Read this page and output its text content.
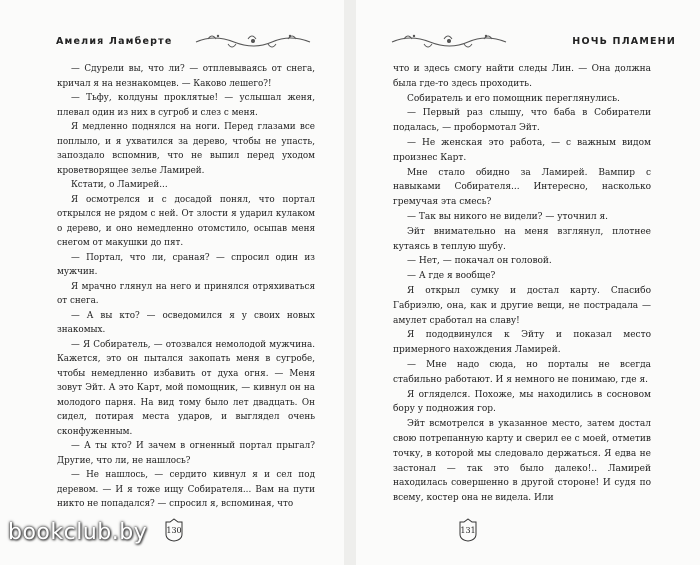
Амелия Ламберте

— Сдурели вы, что ли? — отплевываясь от снега, кричал я на незнакомцев. — Каково лешего?!

— Тьфу, колдуны проклятые! — услышал женя, плевал один из них в сугроб и слез с меня.

Я медленно поднялся на ноги. Перед глазами все поплыло, и я ухватился за дерево, чтобы не упасть, запоздало вспомнив, что не выпил перед уходом кроветворящее зелье Ламирей.

Кстати, о Ламирей...

Я осмотрелся и с досадой понял, что портал открылся не рядом с ней. От злости я ударил кулаком о дерево, и оно немедленно отомстило, осыпав меня снегом от макушки до пят.

— Портал, что ли, сраная? — спросил один из мужчин.

Я мрачно глянул на него и принялся отряхиваться от снега.

— А вы кто? — осведомился я у своих новых знакомых.

— Я Собиратель, — отозвался немолодой мужчина. Кажется, это он пытался закопать меня в сугробе, чтобы немедленно избавить от духа огня. — Меня зовут Эйт. А это Карт, мой помощник, — кивнул он на молодого парня. На вид тому было лет двадцать. Он сидел, потирая места ударов, и выглядел очень сконфуженным.

— А ты кто? И зачем в огненный портал прыгал? Другие, что ли, не нашлось?

— Не нашлось, — сердито кивнул я и сел под деревом. — И я тоже ищу Собирателя... Вам на пути никто не попадался? — спросил я, вспоминая, что

130
НОЧЬ ПЛАМЕНИ

что и здесь смогу найти следы Лин. — Она должна была где-то здесь проходить.

Собиратель и его помощник переглянулись.

— Первый раз слышу, что баба в Собиратели подалась, — пробормотал Эйт.

— Не женская это работа, — с важным видом произнес Карт.

Мне стало обидно за Ламирей. Вампир с навыками Собирателя... Интересно, насколько гремучая эта смесь?

— Так вы никого не видели? — уточнил я.

Эйт внимательно на меня взглянул, плотнее кутаясь в теплую шубу.

— Нет, — покачал он головой.

— А где я вообще?

Я открыл сумку и достал карту. Спасибо Габриэлю, она, как и другие вещи, не пострадала — амулет сработал на славу!

Я пододвинулся к Эйту и показал место примерного нахождения Ламирей.

— Мне надо сюда, но порталы не всегда стабильно работают. И я немного не понимаю, где я.

Я огляделся. Похоже, мы находились в сосновом бору у подножия гор.

Эйт всмотрелся в указанное место, затем достал свою потрепанную карту и сверил ее с моей, отметив точку, в которой мы следовало держаться. Я едва не застонал — так это было далеко!.. Ламирей находилась совершенно в другой стороне! И судя по всему, костер она не видела. Или

131
bookclub.by
